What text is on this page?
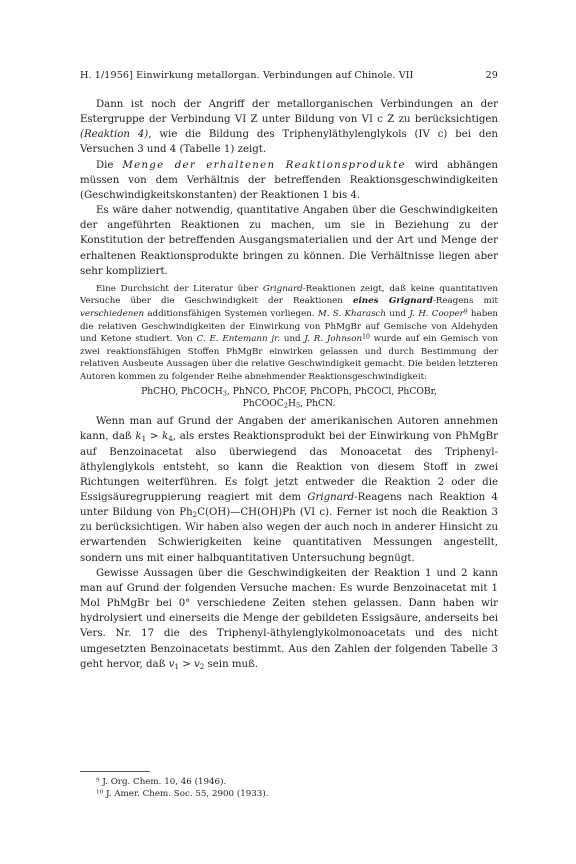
H. 1/1956] Einwirkung metallorgan. Verbindungen auf Chinole. VII	29

Dann ist noch der Angriff der metallorganischen Verbindungen an der Estergruppe der Verbindung VI Z unter Bildung von VI c Z zu berücksichtigen (Reaktion 4), wie die Bildung des Triphenyläthylenglykols (IV c) bei den Versuchen 3 und 4 (Tabelle 1) zeigt.

Die Menge der erhaltenen Reaktionsprodukte wird abhängen müssen von dem Verhältnis der betreffenden Reaktionsgeschwindigkeiten (Geschwindigkeitskonstanten) der Reaktionen 1 bis 4.

Es wäre daher notwendig, quantitative Angaben über die Geschwindigkeiten der angeführten Reaktionen zu machen, um sie in Beziehung zu der Konstitution der betreffenden Ausgangsmaterialien und der Art und Menge der erhaltenen Reaktionsprodukte bringen zu können. Die Verhältnisse liegen aber sehr kompliziert.

Eine Durchsicht der Literatur über Grignard-Reaktionen zeigt, daß keine quantitativen Versuche über die Geschwindigkeit der Reaktionen eines Grignard-Reagens mit verschiedenen additionsfähigen Systemen vorliegen. M. S. Kharasch und J. H. Cooper$^9$ haben die relativen Geschwindigkeiten der Einwirkung von PhMgBr auf Gemische von Aldehyden und Ketone studiert. Von C. E. Entemann jr. und J. R. Johnson$^{10}$ wurde auf ein Gemisch von zwei reaktionsfähigen Stoffen PhMgBr einwirken gelassen und durch Bestimmung der relativen Ausbeute Aussagen über die relative Geschwindigkeit gemacht. Die beiden letzteren Autoren kommen zu folgender Reihe abnehmender Reaktionsgeschwindigkeit:

PhCHO, PhCOCH$_3$, PhNCO, PhCOF, PhCOPh, PhCOCl, PhCOBr,
$PhCOOC_2H_5$, PhCN.

Wenn man auf Grund der Angaben der amerikanischen Autoren annehmen kann, daß $k_1 > k_4$, als erstes Reaktionsprodukt bei der Einwirkung von PhMgBr auf Benzoinacetat also überwiegend das Monoacetat des Triphenyl-äthylenglykols entsteht, so kann die Reaktion von diesem Stoff in zwei Richtungen weiterführen. Es folgt jetzt entweder die Reaktion 2 oder die Essigsäuregruppierung reagiert mit dem Grignard-Reagens nach Reaktion 4 unter Bildung von $Ph_2C(OH)—CH(OH)Ph$ (VI c). Ferner ist noch die Reaktion 3 zu berücksichtigen. Wir haben also wegen der auch noch in anderer Hinsicht zu erwartenden Schwierigkeiten keine quantitativen Messungen angestellt, sondern uns mit einer halbquantitativen Untersuchung begnügt.

Gewisse Aussagen über die Geschwindigkeiten der Reaktion 1 und 2 kann man auf Grund der folgenden Versuche machen: Es wurde Benzoinacetat mit 1 Mol PhMgBr bei 0° verschiedene Zeiten stehen gelassen. Dann haben wir hydrolysiert und einerseits die Menge der gebildeten Essigsäure, anderseits bei Vers. Nr. 17 die des Triphenyl-äthylenglykolmonoacetats und des nicht umgesetzten Benzoinacetats bestimmt. Aus den Zahlen der folgenden Tabelle 3 geht hervor, daß $v_1 > v_2$ sein muß.

$^9$ J. Org. Chem. 10, 46 (1946).
$^{10}$ J. Amer. Chem. Soc. 55, 2900 (1933).
